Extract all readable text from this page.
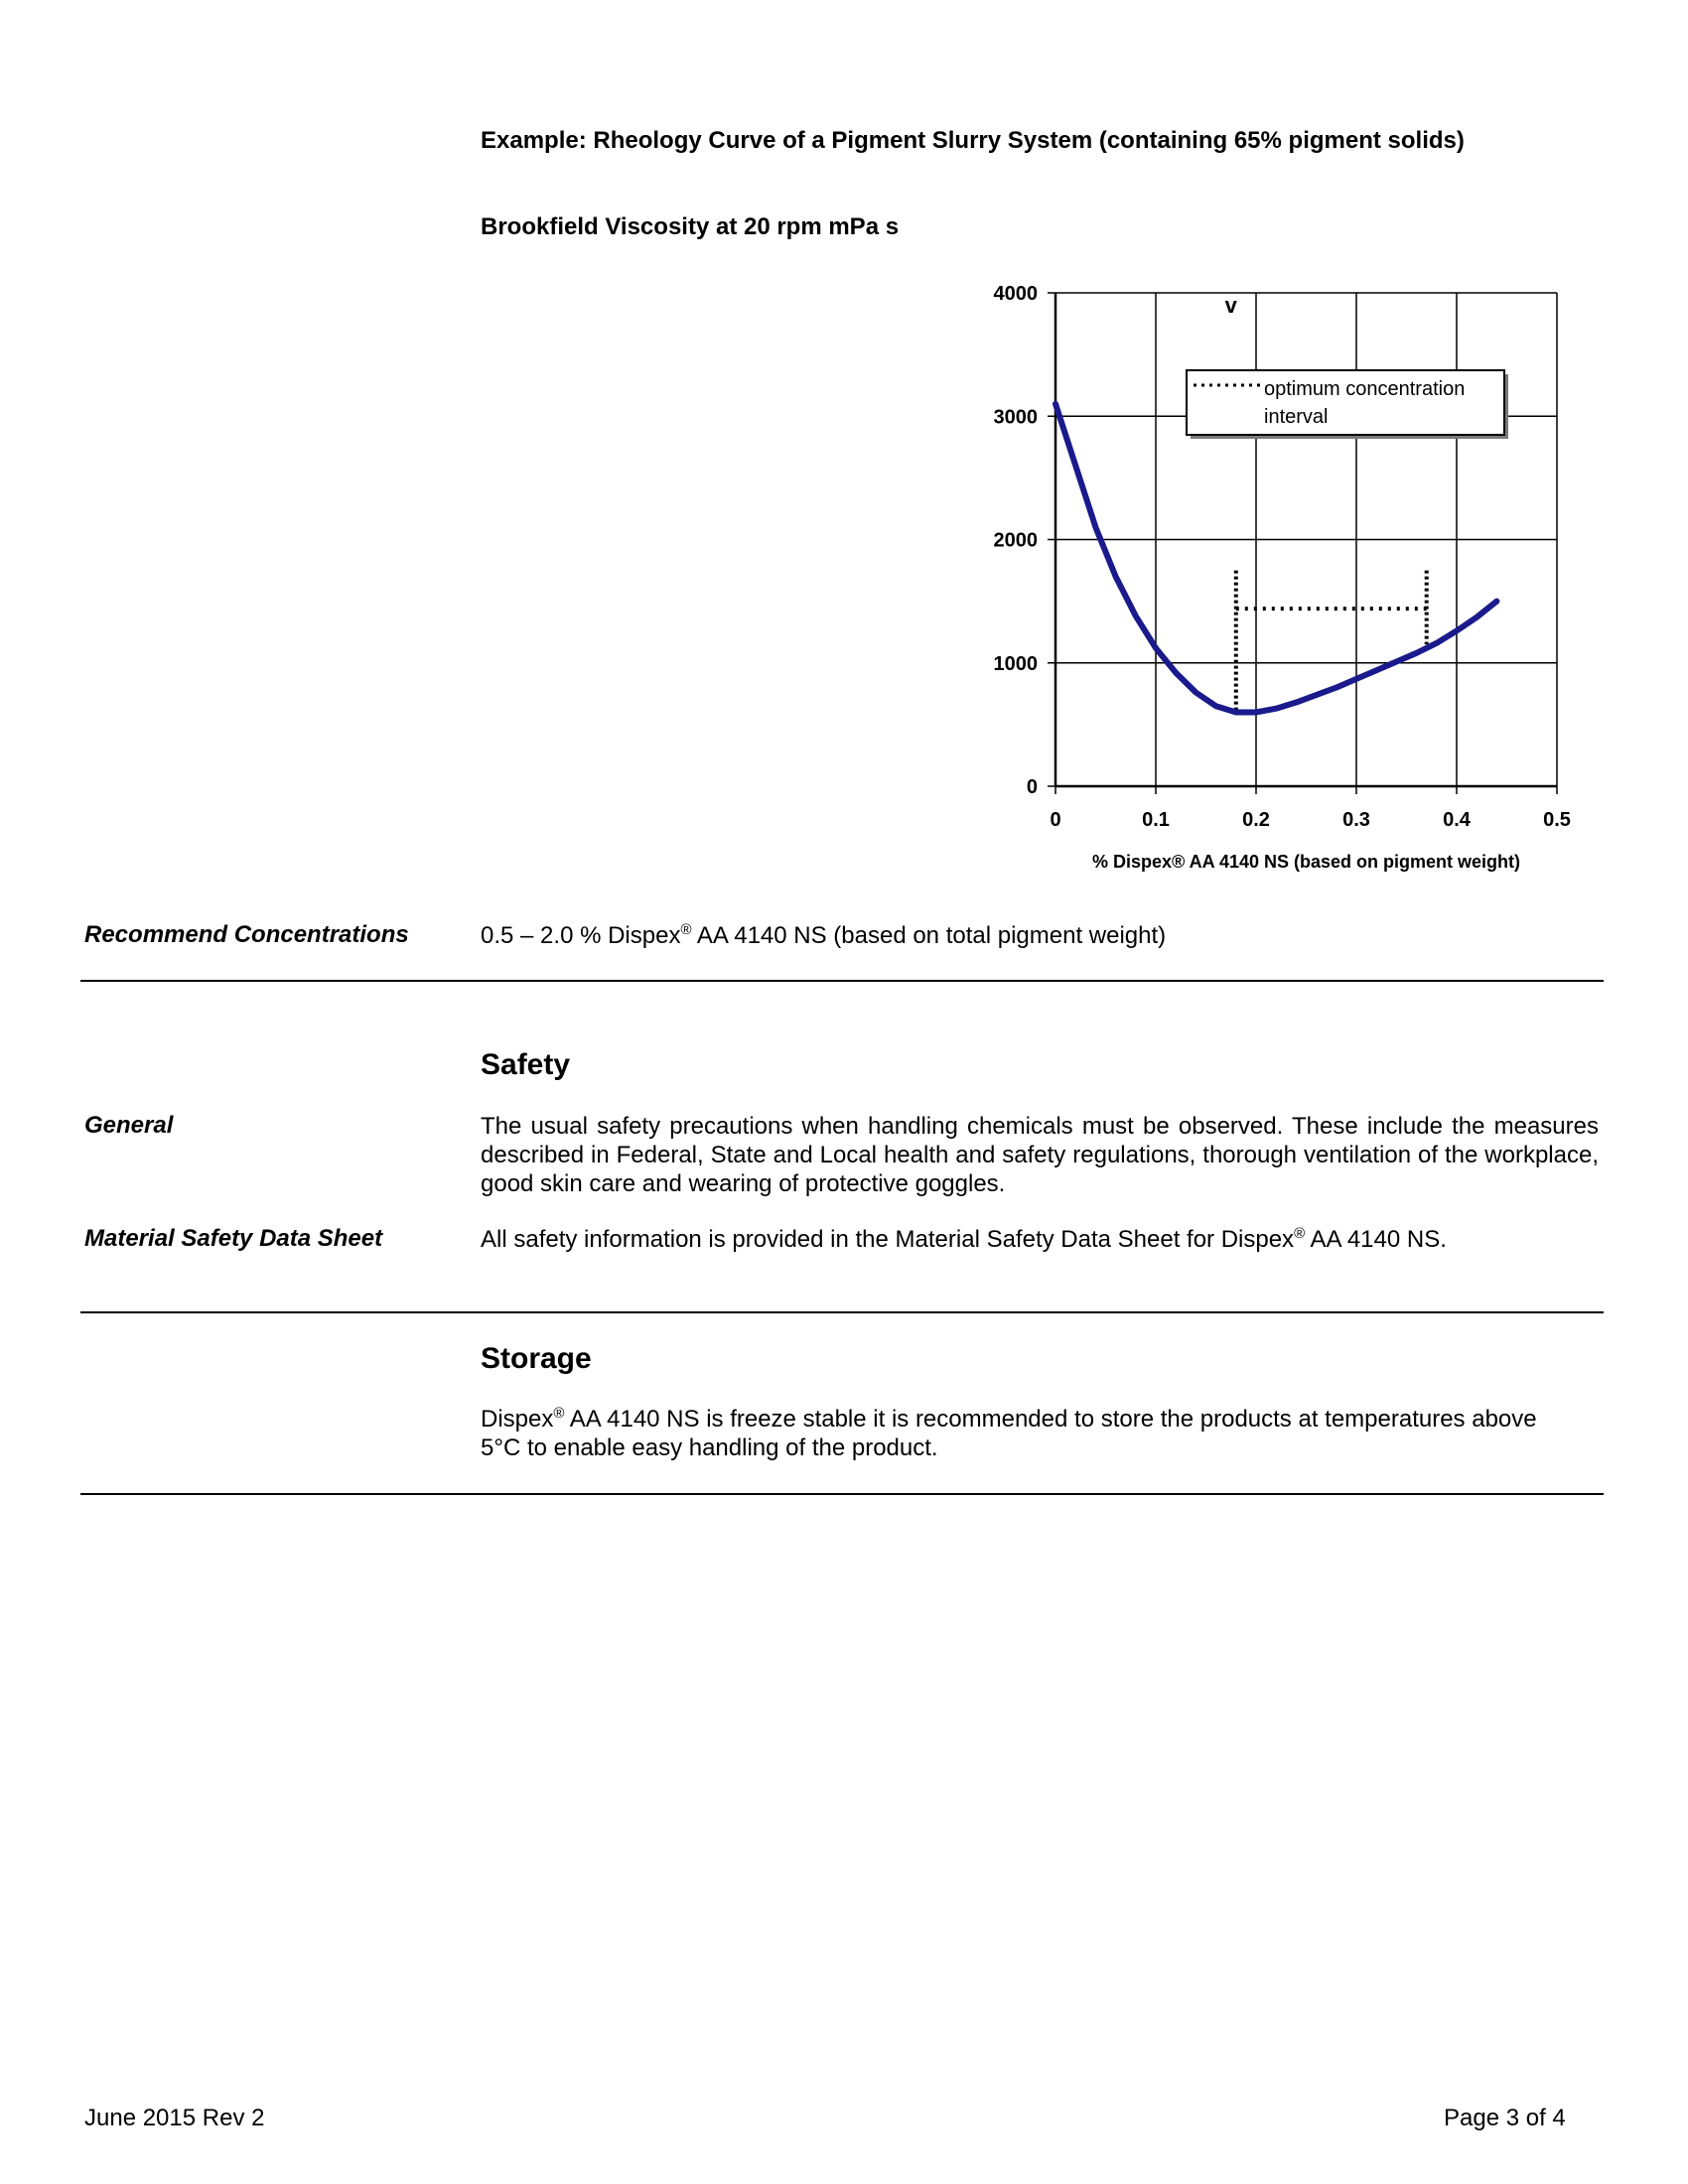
Example: Rheology Curve of a Pigment Slurry System (containing 65% pigment solids)
Brookfield Viscosity at 20 rpm mPa s
0	0.1	0.2	0.3	0.4	0.5
0
1000
2000
3000
4000	v
optimum concentration
interval
% Dispex® AA 4140 NS (based on pigment weight)
Recommend Concentrations	0.5 – 2.0 % Dispex® AA 4140 NS (based on total pigment weight)
Safety
General	The usual safety precautions when handling chemicals must be observed. These include the measures described in Federal, State and Local health and safety regulations, thorough ventilation of the workplace, good skin care and wearing of protective goggles.
Material Safety Data Sheet	All safety information is provided in the Material Safety Data Sheet for Dispex® AA 4140 NS.
Storage
Dispex® AA 4140 NS is freeze stable it is recommended to store the products at temperatures above 5°C to enable easy handling of the product.
June 2015 Rev 2	Page 3 of 4
